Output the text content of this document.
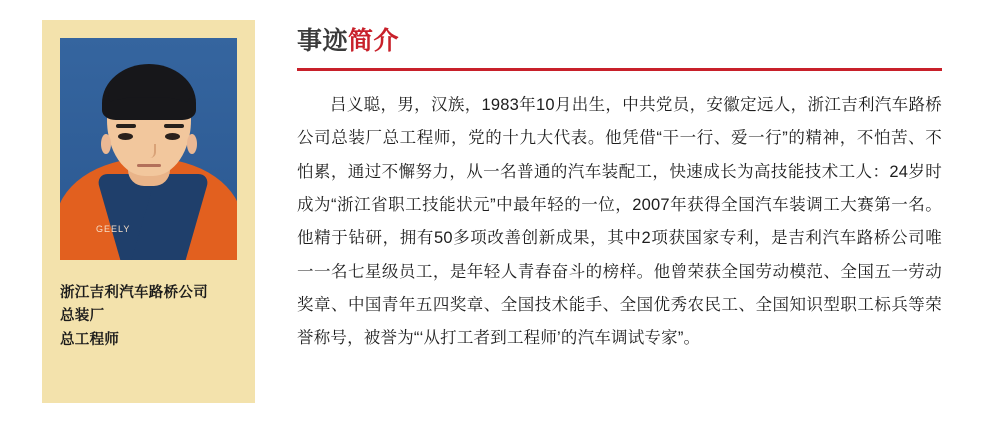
GEELY
浙江吉利汽车路桥公司
总装厂
总工程师
事迹简介

吕义聪，男，汉族，1983年10月出生，中共党员，安徽定远人，浙江吉利汽车路桥公司总装厂总工程师，党的十九大代表。他凭借“干一行、爱一行”的精神，不怕苦、不怕累，通过不懈努力，从一名普通的汽车装配工，快速成长为高技能技术工人：24岁时成为“浙江省职工技能状元”中最年轻的一位，2007年获得全国汽车装调工大赛第一名。他精于钻研，拥有50多项改善创新成果，其中2项获国家专利，是吉利汽车路桥公司唯一一名七星级员工，是年轻人青春奋斗的榜样。他曾荣获全国劳动模范、全国五一劳动奖章、中国青年五四奖章、全国技术能手、全国优秀农民工、全国知识型职工标兵等荣誉称号，被誉为“‘从打工者到工程师’的汽车调试专家”。
